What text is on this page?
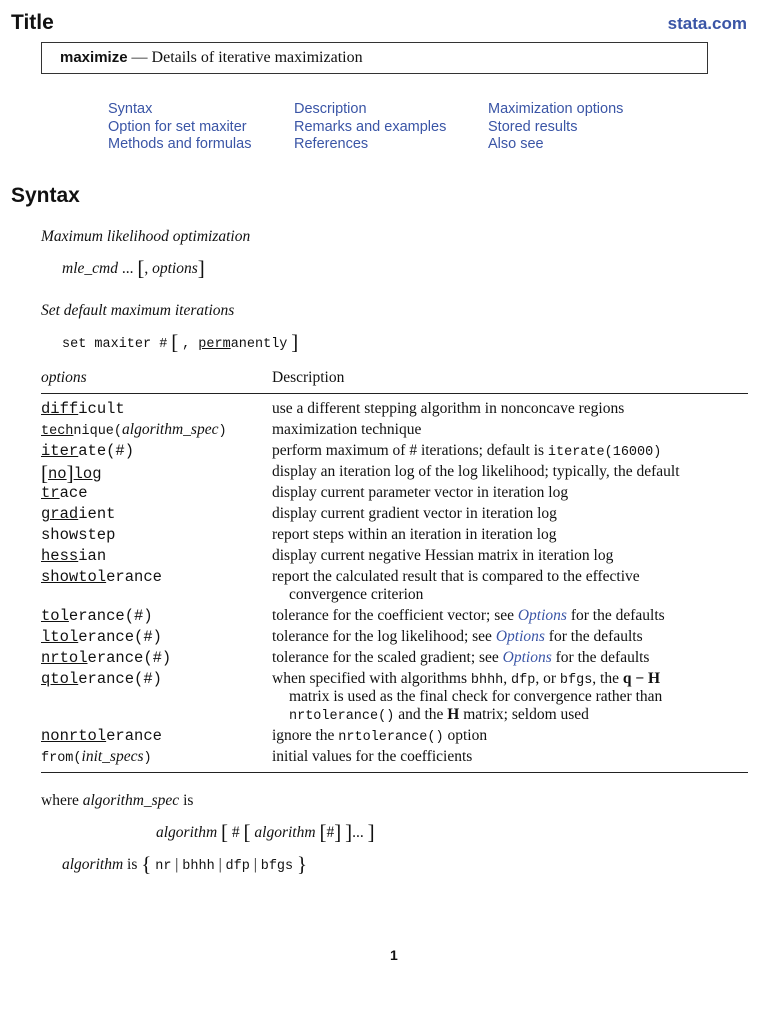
Title	stata.com
maximize — Details of iterative maximization
Syntax
Option for set maxiter
Methods and formulas
Description
Remarks and examples
References
Maximization options
Stored results
Also see
Syntax
Maximum likelihood optimization
mle_cmd ... [, options]
Set default maximum iterations
set maxiter # [ , permanently ]
options	Description
difficult	use a different stepping algorithm in nonconcave regions
technique(algorithm_spec)	maximization technique
iterate(#)	perform maximum of # iterations; default is iterate(16000)
[no]log	display an iteration log of the log likelihood; typically, the default
trace	display current parameter vector in iteration log
gradient	display current gradient vector in iteration log
showstep	report steps within an iteration in iteration log
hessian	display current negative Hessian matrix in iteration log
showtolerance	report the calculated result that is compared to the effective
convergence criterion
tolerance(#)	tolerance for the coefficient vector; see Options for the defaults
ltolerance(#)	tolerance for the log likelihood; see Options for the defaults
nrtolerance(#)	tolerance for the scaled gradient; see Options for the defaults
qtolerance(#)	when specified with algorithms bhhh, dfp, or bfgs, the q − H
matrix is used as the final check for convergence rather than
nrtolerance() and the H matrix; seldom used
nonrtolerance	ignore the nrtolerance() option
from(init_specs)	initial values for the coefficients
where algorithm_spec is
algorithm [ # [ algorithm [#] ]... ]
algorithm is { nr | bhhh | dfp | bfgs }
1
